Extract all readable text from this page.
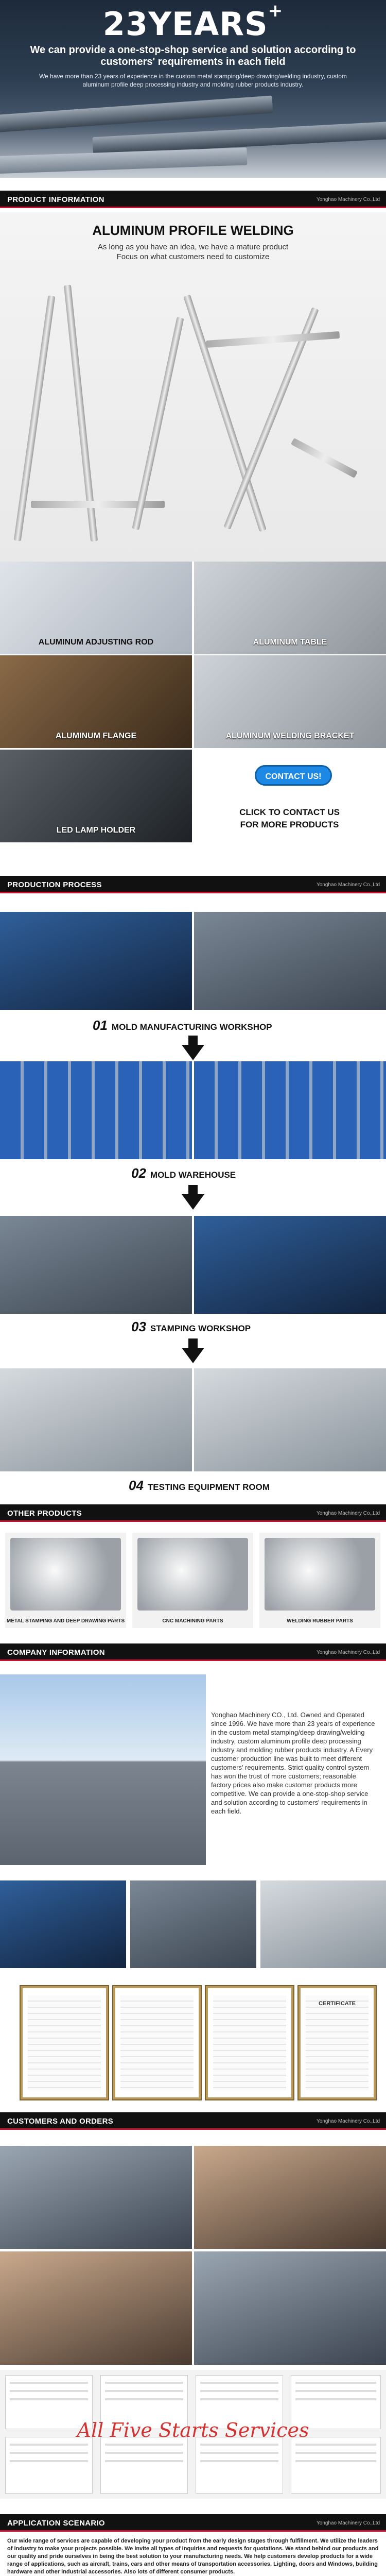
23YEARS+
We can provide a one-stop-shop service and solution according to customers' requirements in each field
We have more than 23 years of experience in the custom metal stamping/deep drawing/welding industry, custom aluminum profile deep processing industry and molding rubber products industry.
PRODUCT INFORMATION	Yonghao Machinery Co.,Ltd
ALUMINUM PROFILE WELDING
As long as you have an idea, we have a mature product
Focus on what customers need to customize
ALUMINUM ADJUSTING ROD	ALUMINUM TABLE
ALUMINUM FLANGE	ALUMINUM WELDING BRACKET
LED LAMP HOLDER
CONTACT US!
CLICK TO CONTACT US
FOR MORE PRODUCTS
PRODUCTION PROCESS	Yonghao Machinery Co.,Ltd
01 MOLD MANUFACTURING WORKSHOP
02 MOLD WAREHOUSE
03 STAMPING WORKSHOP
04 TESTING EQUIPMENT ROOM
OTHER PRODUCTS	Yonghao Machinery Co.,Ltd
METAL STAMPING AND DEEP DRAWING PARTS	CNC MACHINING PARTS	WELDING RUBBER PARTS
COMPANY INFORMATION	Yonghao Machinery Co.,Ltd
Yonghao Machinery CO., Ltd. Owned and Operated since 1996. We have more than 23 years of experience in the custom metal stamping/deep drawing/welding industry, custom aluminum profile deep processing industry and molding rubber products industry. A Every customer production line was built to meet different customers' requirements. Strict quality control system has won the trust of more customers; reasonable factory prices also make customer products more competitive. We can provide a one-stop-shop service and solution according to customers' requirements in each field.
CERTIFICATE
CUSTOMERS AND ORDERS	Yonghao Machinery Co.,Ltd
All Five Starts Services
APPLICATION SCENARIO	Yonghao Machinery Co.,Ltd
Our wide range of services are capable of developing your product from the early design stages through fulfillment. We utilize the leaders of industry to make your projects possible. We invite all types of inquiries and requests for quotations. We stand behind our products and our quality and pride ourselves in being the best solution to your manufacturing needs. We help customers develop products for a wide range of applications, such as aircraft, trains, cars and other means of transportation accessories. Lighting, doors and Windows, building hardware and other industrial accessories. Also lots of different consumer products.
